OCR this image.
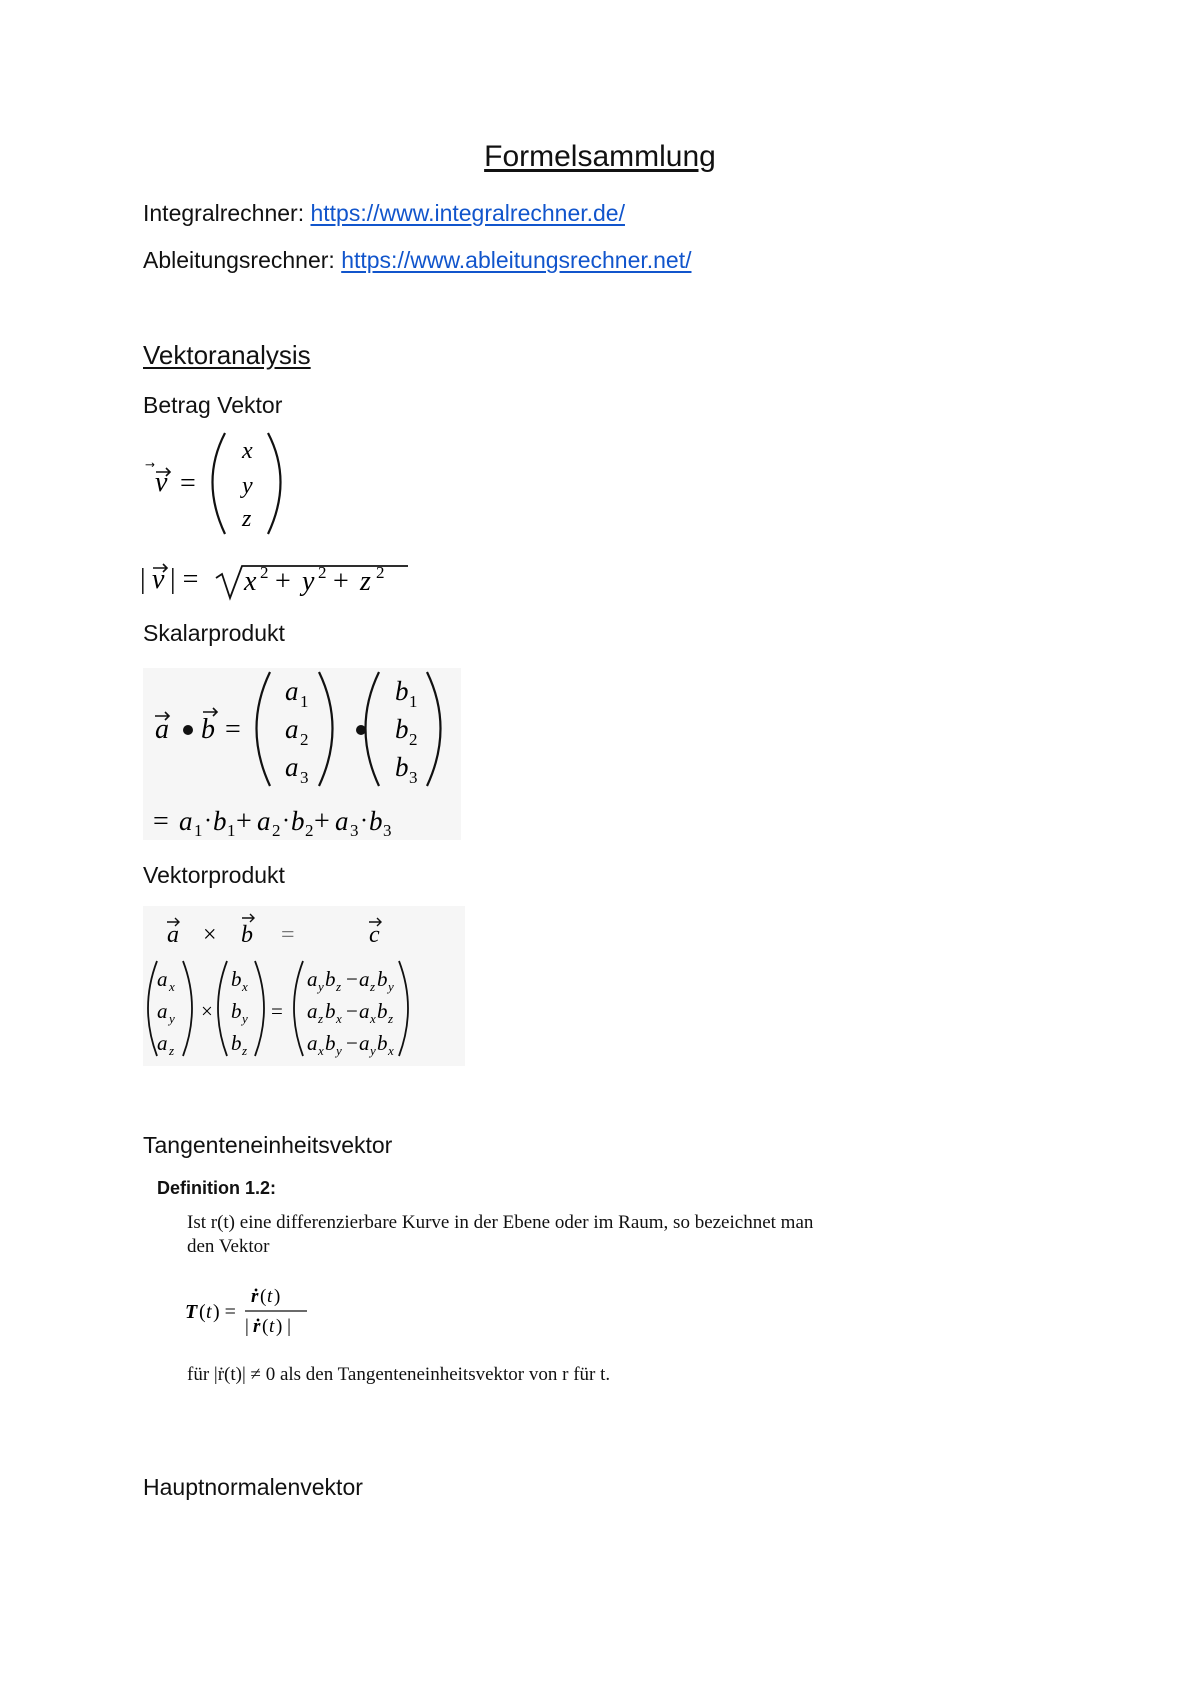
Formelsammlung
Integralrechner: https://www.integralrechner.de/
Ableitungsrechner: https://www.ableitungsrechner.net/
Vektoranalysis
Betrag Vektor
v =
x
y
z
| v | = x 2 + y 2 + z 2
Skalarprodukt
a b =
a 1
a 2
a 3
b 1
b 2
b 3
= a 1 · b 1 + a 2 · b 2 + a 3 · b 3
Vektorprodukt
a × b =	c
a x
a y
a z
×
b x
b y
b z
=
a y b z − a z b y
a z b x − a x b z
a x b y − a y b x
Tangenteneinheitsvektor
Definition 1.2:
Ist r(t) eine differenzierbare Kurve in der Ebene oder im Raum, so bezeichnet man
den Vektor
T ( t ) =
ṙ ( t )
| ṙ ( t ) |
für |ṙ(t)| ≠ 0 als den Tangenteneinheitsvektor von r für t.
Hauptnormalenvektor
